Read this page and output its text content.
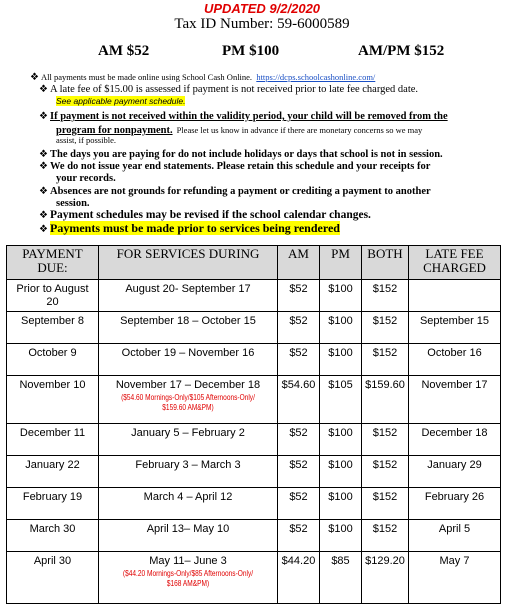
UPDATED 9/2/2020
Tax ID Number: 59-6000589
AM $52	PM $100	AM/PM $152
❖ All payments must be made online using School Cash Online. https://dcps.schoolcashonline.com/
❖ A late fee of $15.00 is assessed if payment is not received prior to late fee charged date.
See applicable payment schedule.
❖ If payment is not received within the validity period, your child will be removed from the
program for nonpayment. Please let us know in advance if there are monetary concerns so we may
assist, if possible.
❖ The days you are paying for do not include holidays or days that school is not in session.
❖ We do not issue year end statements. Please retain this schedule and your receipts for
your records.
❖ Absences are not grounds for refunding a payment or crediting a payment to another
session.
❖ Payment schedules may be revised if the school calendar changes.
❖ Payments must be made prior to services being rendered
PAYMENT DUE:	FOR SERVICES DURING	AM	PM	BOTH	LATE FEE CHARGED
Prior to August 20	August 20- September 17	$52	$100	$152	
September 8	September 18 – October 15	$52	$100	$152	September 15
October 9	October 19 – November 16	$52	$100	$152	October 16
November 10	November 17 – December 18
($54.60 Mornings-Only/$105 Afternoons-Only/ $159.60 AM&PM)	$54.60	$105	$159.60	November 17
December 11	January 5 – February 2	$52	$100	$152	December 18
January 22	February 3 – March 3	$52	$100	$152	January 29
February 19	March 4 – April 12	$52	$100	$152	February 26
March 30	April 13– May 10	$52	$100	$152	April 5
April 30	May 11– June 3
($44.20 Mornings-Only/$85 Afternoons-Only/ $168 AM&PM)	$44.20	$85	$129.20	May 7
